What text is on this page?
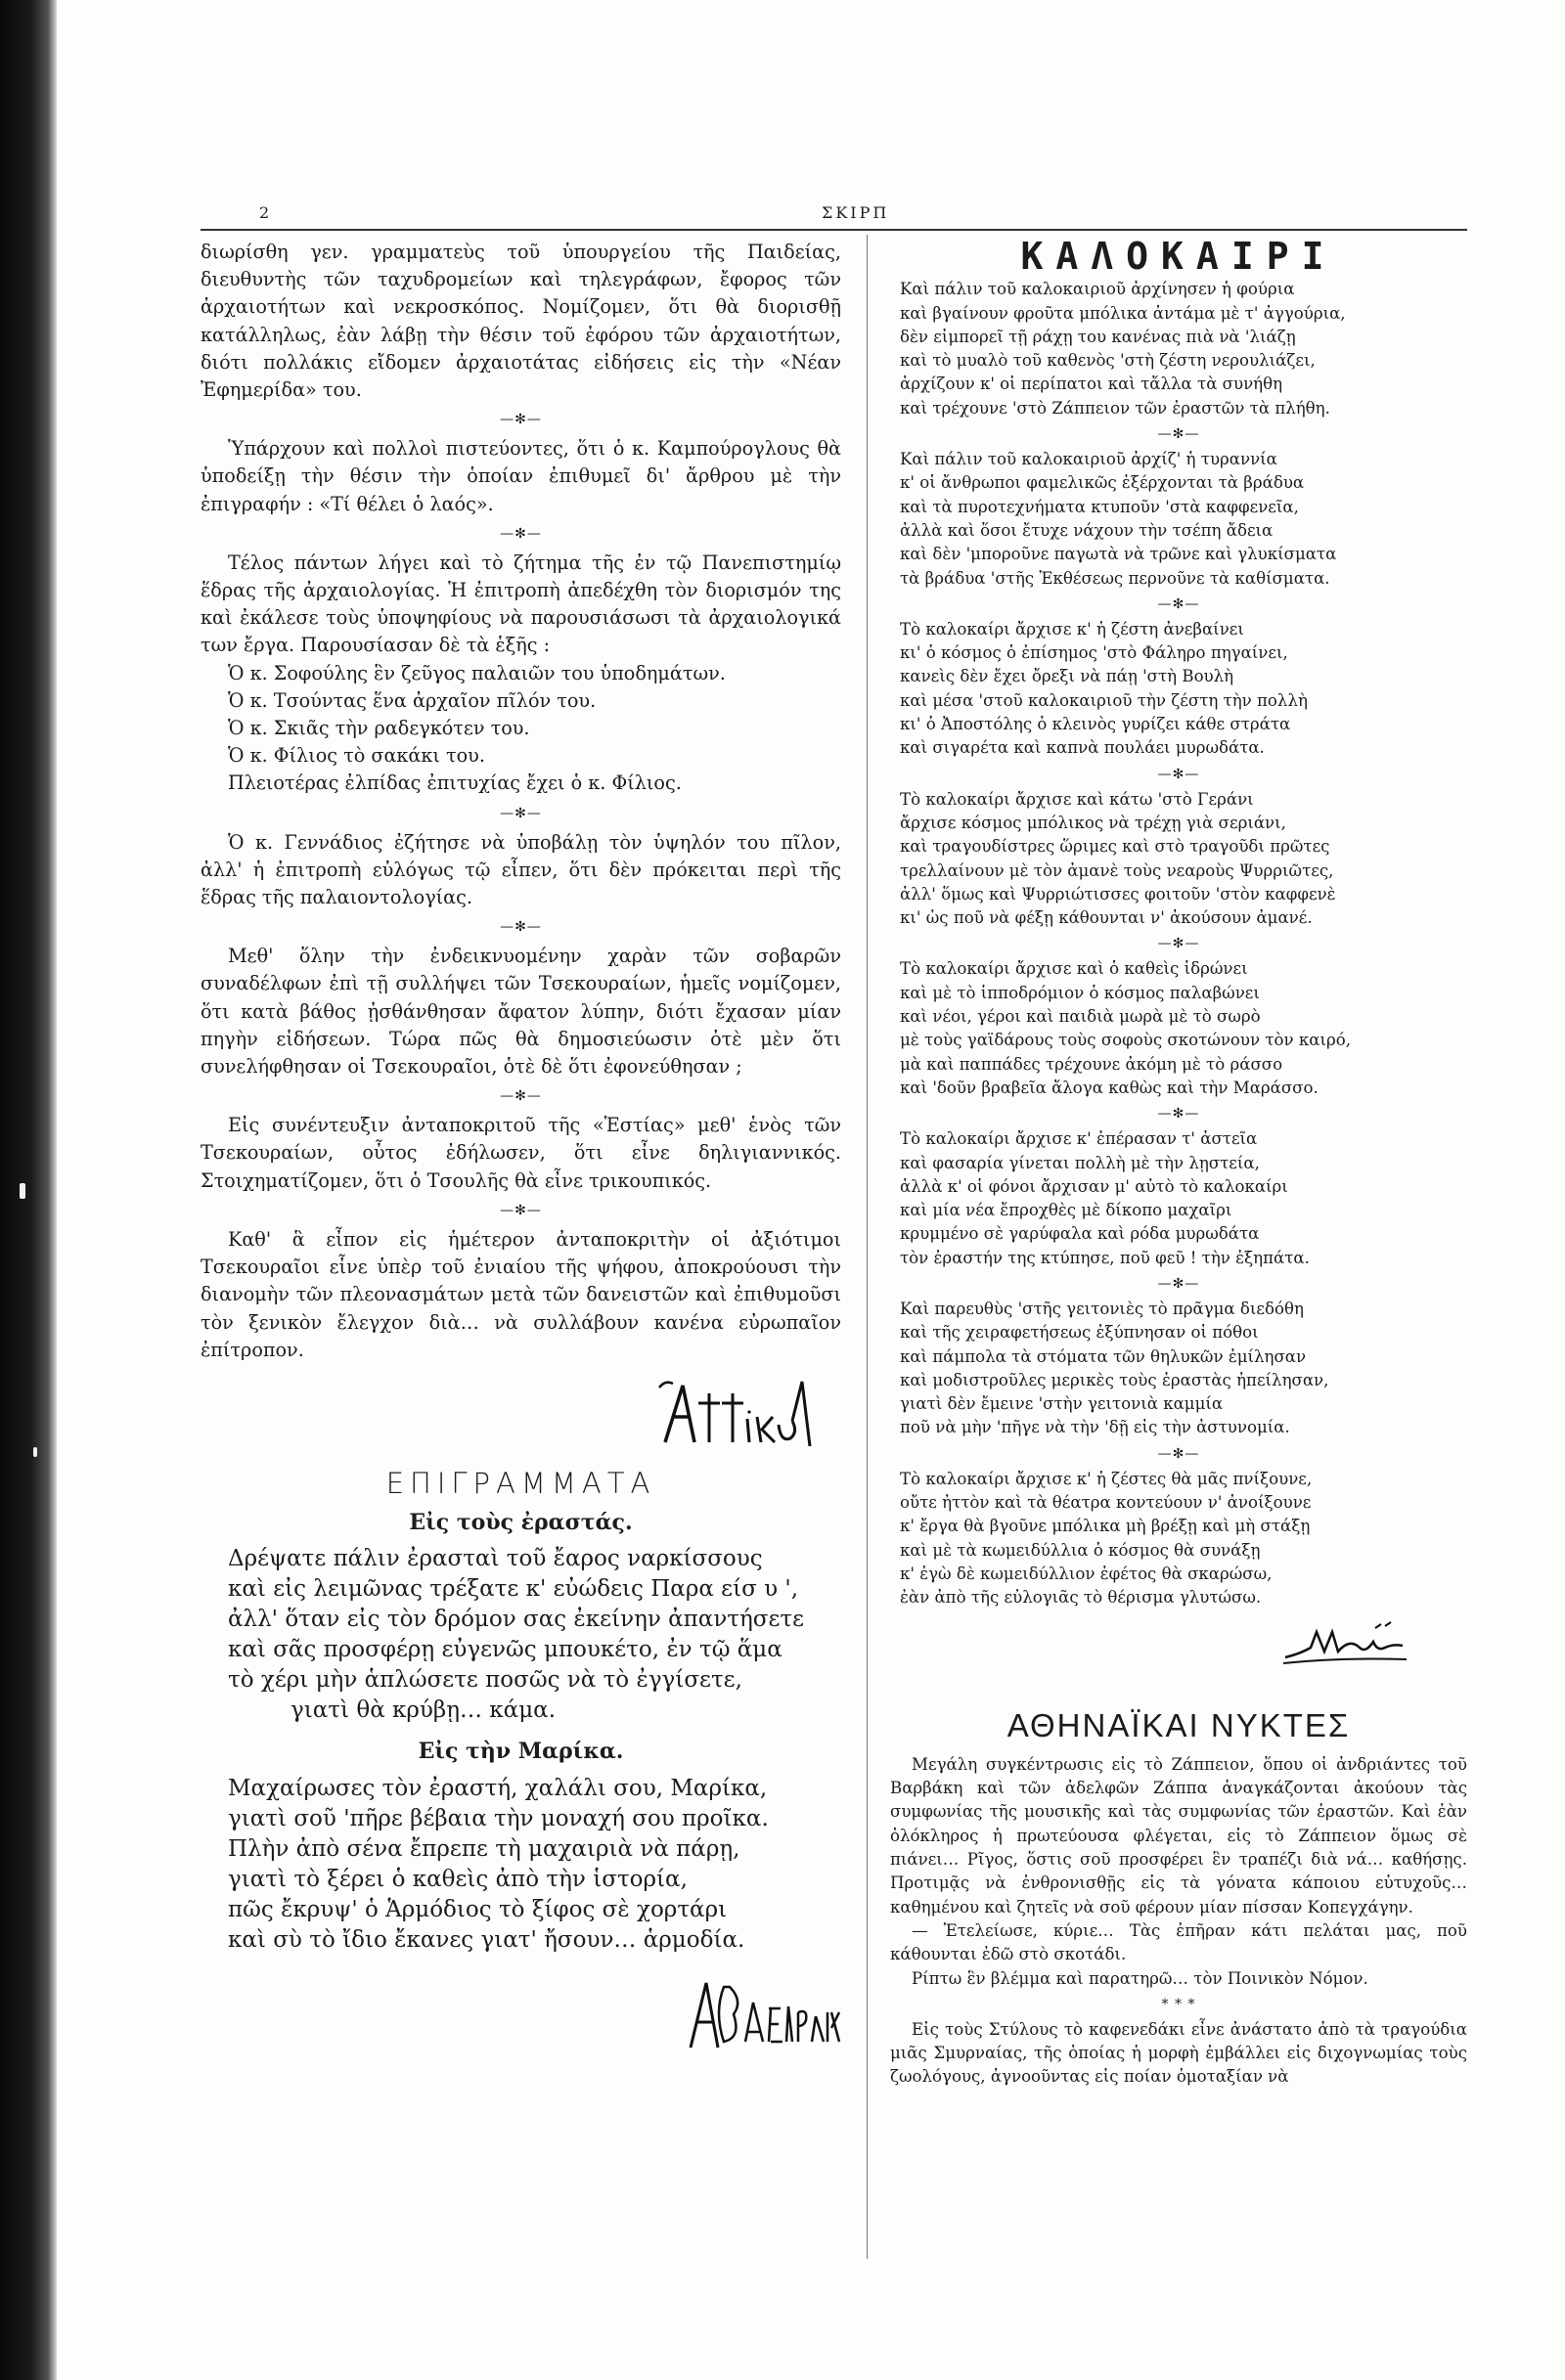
2	ΣΚΙΡΠ

διωρίσθη γεν. γραμματεὺς τοῦ ὑπουργείου τῆς Παιδείας, διευθυντὴς τῶν ταχυδρομείων καὶ τηλεγράφων, ἔφορος τῶν ἀρχαιοτήτων καὶ νεκροσκόπος. Νομίζομεν, ὅτι θὰ διορισθῇ κατάλληλως, ἐὰν λάβῃ τὴν θέσιν τοῦ ἐφόρου τῶν ἀρχαιοτήτων, διότι πολλάκις εἴδομεν ἀρχαιοτάτας εἰδήσεις εἰς τὴν «Νέαν Ἐφημερίδα» του.

—✻—

Ὑπάρχουν καὶ πολλοὶ πιστεύοντες, ὅτι ὁ κ. Καμπούρογλους θὰ ὑποδείξῃ τὴν θέσιν τὴν ὁποίαν ἐπιθυμεῖ δι' ἄρθρου μὲ τὴν ἐπιγραφήν : «Τί θέλει ὁ λαός».

—✻—

Τέλος πάντων λήγει καὶ τὸ ζήτημα τῆς ἐν τῷ Πανεπιστημίῳ ἕδρας τῆς ἀρχαιολογίας. Ἡ ἐπιτροπὴ ἀπεδέχθη τὸν διορισμόν της καὶ ἐκάλεσε τοὺς ὑποψηφίους νὰ παρουσιάσωσι τὰ ἀρχαιολογικά των ἔργα. Παρουσίασαν δὲ τὰ ἑξῆς :

Ὁ κ. Σοφούλης ἓν ζεῦγος παλαιῶν του ὑποδημάτων.

Ὁ κ. Τσούντας ἕνα ἀρχαῖον πῖλόν του.

Ὁ κ. Σκιᾶς τὴν ραδεγκότεν του.

Ὁ κ. Φίλιος τὸ σακάκι του.

Πλειοτέρας ἐλπίδας ἐπιτυχίας ἔχει ὁ κ. Φίλιος.

—✻—

Ὁ κ. Γεννάδιος ἐζήτησε νὰ ὑποβάλῃ τὸν ὑψηλόν του πῖλον, ἀλλ' ἡ ἐπιτροπὴ εὐλόγως τῷ εἶπεν, ὅτι δὲν πρόκειται περὶ τῆς ἕδρας τῆς παλαιοντολογίας.

—✻—

Μεθ' ὅλην τὴν ἐνδεικνυομένην χαρὰν τῶν σοβαρῶν συναδέλφων ἐπὶ τῇ συλλήψει τῶν Τσεκουραίων, ἡμεῖς νομίζομεν, ὅτι κατὰ βάθος ᾐσθάνθησαν ἄφατον λύπην, διότι ἔχασαν μίαν πηγὴν εἰδήσεων. Τώρα πῶς θὰ δημοσιεύωσιν ὁτὲ μὲν ὅτι συνελήφθησαν οἱ Τσεκουραῖοι, ὁτὲ δὲ ὅτι ἐφονεύθησαν ;

—✻—

Εἰς συνέντευξιν ἀνταποκριτοῦ τῆς «Ἑστίας» μεθ' ἑνὸς τῶν Τσεκουραίων, οὗτος ἐδήλωσεν, ὅτι εἶνε δηλιγιαννικός. Στοιχηματίζομεν, ὅτι ὁ Τσουλῆς θὰ εἶνε τρικουπικός.

—✻—

Καθ' ἃ εἶπον εἰς ἡμέτερον ἀνταποκριτὴν οἱ ἀξιότιμοι Τσεκουραῖοι εἶνε ὑπὲρ τοῦ ἐνιαίου τῆς ψήφου, ἀποκρούουσι τὴν διανομὴν τῶν πλεονασμάτων μετὰ τῶν δανειστῶν καὶ ἐπιθυμοῦσι τὸν ξενικὸν ἔλεγχον διὰ… νὰ συλλάβουν κανένα εὐρωπαῖον ἐπίτροπον.

ΕΠΙΓΡΑΜΜΑΤΑ
Εἰς τοὺς ἐραστάς.

Δρέψατε πάλιν ἐρασταὶ τοῦ ἔαρος ναρκίσσους

καὶ εἰς λειμῶνας τρέξατε κ' εὐώδεις Παρα είσ υ ',

ἀλλ' ὅταν εἰς τὸν δρόμον σας ἐκείνην ἀπαντήσετε

καὶ σᾶς προσφέρῃ εὐγενῶς μπουκέτο, ἐν τῷ ἅμα

τὸ χέρι μὴν ἁπλώσετε ποσῶς νὰ τὸ ἐγγίσετε,

γιατὶ θὰ κρύβῃ… κάμα.

Εἰς τὴν Μαρίκα.

Μαχαίρωσες τὸν ἐραστή, χαλάλι σου, Μαρίκα,

γιατὶ σοῦ 'πῆρε βέβαια τὴν μοναχή σου προῖκα.

Πλὴν ἀπὸ σένα ἔπρεπε τὴ μαχαιριὰ νὰ πάρῃ,

γιατὶ τὸ ξέρει ὁ καθεὶς ἀπὸ τὴν ἱστορία,

πῶς ἔκρυψ' ὁ Ἁρμόδιος τὸ ξίφος σὲ χορτάρι

καὶ σὺ τὸ ἴδιο ἔκανες γιατ' ἤσουν… ἁρμοδία.

ΚΑΛΟΚΑΙΡΙ

Καὶ πάλιν τοῦ καλοκαιριοῦ ἀρχίνησεν ἡ φούρια

καὶ βγαίνουν φροῦτα μπόλικα ἀντάμα μὲ τ' ἀγγούρια,

δὲν εἰμπορεῖ τῇ ράχῃ του κανένας πιὰ νὰ 'λιάζῃ

καὶ τὸ μυαλὸ τοῦ καθενὸς 'στὴ ζέστη νερουλιάζει,

ἀρχίζουν κ' οἱ περίπατοι καὶ τἄλλα τὰ συνήθη

καὶ τρέχουνε 'στὸ Ζάππειον τῶν ἐραστῶν τὰ πλήθη.

—✻—

Καὶ πάλιν τοῦ καλοκαιριοῦ ἀρχίζ' ἡ τυραννία

κ' οἱ ἄνθρωποι φαμελικῶς ἐξέρχονται τὰ βράδυα

καὶ τὰ πυροτεχνήματα κτυποῦν 'στὰ καφφενεῖα,

ἀλλὰ καὶ ὅσοι ἔτυχε νάχουν τὴν τσέπη ἄδεια

καὶ δὲν 'μποροῦνε παγωτὰ νὰ τρῶνε καὶ γλυκίσματα

τὰ βράδυα 'στῆς Ἐκθέσεως περνοῦνε τὰ καθίσματα.

—✻—

Τὸ καλοκαίρι ἄρχισε κ' ἡ ζέστη ἀνεβαίνει

κι' ὁ κόσμος ὁ ἐπίσημος 'στὸ Φάληρο πηγαίνει,

κανεὶς δὲν ἔχει ὄρεξι νὰ πάῃ 'στὴ Βουλὴ

καὶ μέσα 'στοῦ καλοκαιριοῦ τὴν ζέστη τὴν πολλὴ

κι' ὁ Ἀποστόλης ὁ κλεινὸς γυρίζει κάθε στράτα

καὶ σιγαρέτα καὶ καπνὰ πουλάει μυρωδάτα.

—✻—

Τὸ καλοκαίρι ἄρχισε καὶ κάτω 'στὸ Γεράνι

ἄρχισε κόσμος μπόλικος νὰ τρέχῃ γιὰ σεριάνι,

καὶ τραγουδίστρες ὥριμες καὶ στὸ τραγοῦδι πρῶτες

τρελλαίνουν μὲ τὸν ἀμανὲ τοὺς νεαροὺς Ψυρριῶτες,

ἀλλ' ὅμως καὶ Ψυρριώτισσες φοιτοῦν 'στὸν καφφενὲ

κι' ὡς ποῦ νὰ φέξῃ κάθουνται ν' ἀκούσουν ἀμανέ.

—✻—

Τὸ καλοκαίρι ἄρχισε καὶ ὁ καθεὶς ἱδρώνει

καὶ μὲ τὸ ἱπποδρόμιον ὁ κόσμος παλαβώνει

καὶ νέοι, γέροι καὶ παιδιὰ μωρὰ μὲ τὸ σωρὸ

μὲ τοὺς γαϊδάρους τοὺς σοφοὺς σκοτώνουν τὸν καιρό,

μὰ καὶ παππάδες τρέχουνε ἀκόμη μὲ τὸ ράσσο

καὶ 'δοῦν βραβεῖα ἄλογα καθὼς καὶ τὴν Μαράσσο.

—✻—

Τὸ καλοκαίρι ἄρχισε κ' ἐπέρασαν τ' ἀστεῖα

καὶ φασαρία γίνεται πολλὴ μὲ τὴν λῃστεία,

ἀλλὰ κ' οἱ φόνοι ἄρχισαν μ' αὐτὸ τὸ καλοκαίρι

καὶ μία νέα ἔπροχθὲς μὲ δίκοπο μαχαῖρι

κρυμμένο σὲ γαρύφαλα καὶ ρόδα μυρωδάτα

τὸν ἐραστήν της κτύπησε, ποῦ φεῦ ! τὴν ἐξηπάτα.

—✻—

Καὶ παρευθὺς 'στῆς γειτονιὲς τὸ πρᾶγμα διεδόθη

καὶ τῆς χειραφετήσεως ἐξύπνησαν οἱ πόθοι

καὶ πάμπολα τὰ στόματα τῶν θηλυκῶν ἐμίλησαν

καὶ μοδιστροῦλες μερικὲς τοὺς ἐραστὰς ἠπείλησαν,

γιατὶ δὲν ἔμεινε 'στὴν γειτονιὰ καμμία

ποῦ νὰ μὴν 'πῆγε νὰ τὴν 'δῇ εἰς τὴν ἀστυνομία.

—✻—

Τὸ καλοκαίρι ἄρχισε κ' ἡ ζέστες θὰ μᾶς πνίξουνε,

οὔτε ἠττὸν καὶ τὰ θέατρα κοντεύουν ν' ἀνοίξουνε

κ' ἔργα θὰ βγοῦνε μπόλικα μὴ βρέξῃ καὶ μὴ στάξῃ

καὶ μὲ τὰ κωμειδύλλια ὁ κόσμος θὰ συνάξῃ

κ' ἐγὼ δὲ κωμειδύλλιον ἐφέτος θὰ σκαρώσω,

ἐὰν ἀπὸ τῆς εὐλογιᾶς τὸ θέρισμα γλυτώσω.

ΑΘΗΝΑΪΚΑΙ ΝΥΚΤΕΣ

Μεγάλη συγκέντρωσις εἰς τὸ Ζάππειον, ὅπου οἱ ἀνδριάντες τοῦ Βαρβάκη καὶ τῶν ἀδελφῶν Ζάππα ἀναγκάζονται ἀκούουν τὰς συμφωνίας τῆς μουσικῆς καὶ τὰς συμφωνίας τῶν ἐραστῶν. Καὶ ἐὰν ὁλόκληρος ἡ πρωτεύουσα φλέγεται, εἰς τὸ Ζάππειον ὅμως σὲ πιάνει… Ρῖγος, ὅστις σοῦ προσφέρει ἓν τραπέζι διὰ νά… καθήσῃς. Προτιμᾷς νὰ ἐνθρονισθῇς εἰς τὰ γόνατα κάποιου εὐτυχοῦς… καθημένου καὶ ζητεῖς νὰ σοῦ φέρουν μίαν πίσσαν Κοπεγχάγην.

— Ἐτελείωσε, κύριε… Τὰς ἐπῆραν κάτι πελάται μας, ποῦ κάθουνται ἐδῶ στὸ σκοτάδι.

Ρίπτω ἓν βλέμμα καὶ παρατηρῶ… τὸν Ποινικὸν Νόμον.

* * *

Εἰς τοὺς Στύλους τὸ καφενεδάκι εἶνε ἀνάστατο ἀπὸ τὰ τραγούδια μιᾶς Σμυρναίας, τῆς ὁποίας ἡ μορφὴ ἐμβάλλει εἰς διχογνωμίας τοὺς ζωολόγους, ἀγνοοῦντας εἰς ποίαν ὁμοταξίαν νὰ
